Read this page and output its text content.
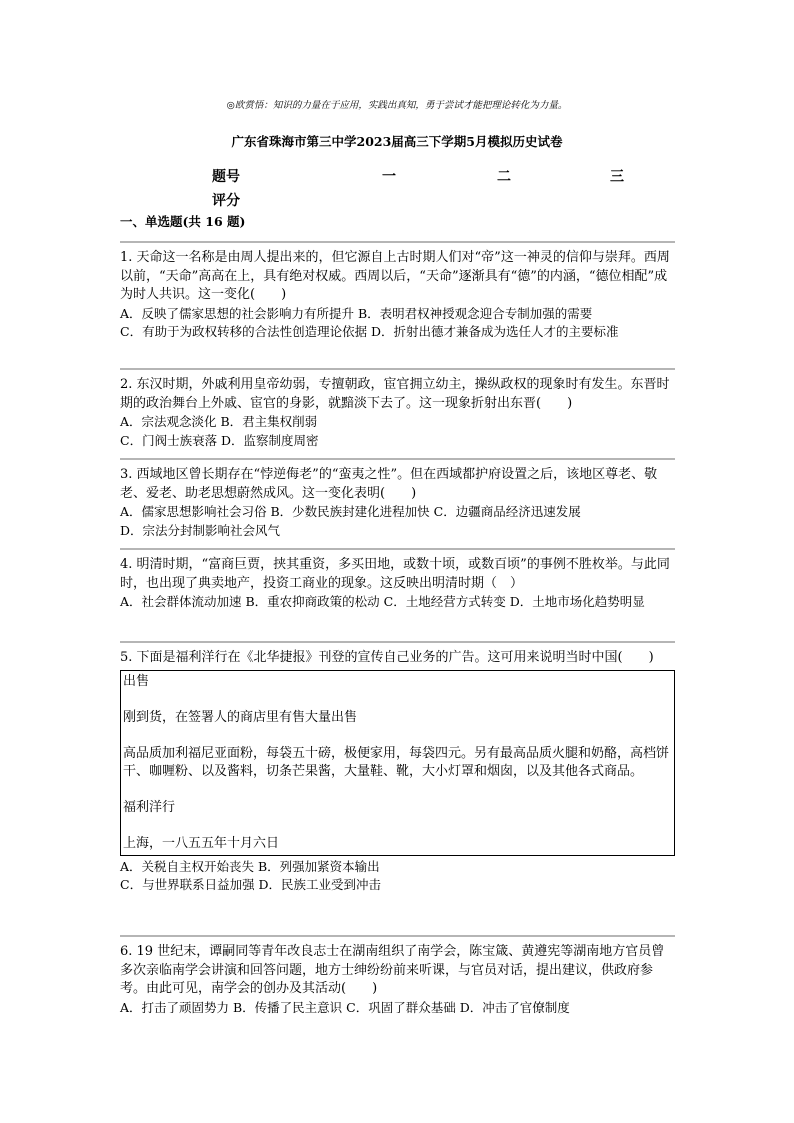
◎欧赏悟：知识的力量在于应用，实践出真知，勇于尝试才能把理论转化为力量。
广东省珠海市第三中学2023届高三下学期5月模拟历史试卷
题号	一	二	三
评分
一、单选题(共 16 题)

1. 天命这一名称是由周人提出来的，但它源自上古时期人们对“帝”这一神灵的信仰与崇拜。西周以前，“天命”高高在上，具有绝对权威。西周以后，“天命”逐渐具有“德”的内涵，“德位相配”成为时人共识。这一变化(　　)

A．反映了儒家思想的社会影响力有所提升 B．表明君权神授观念迎合专制加强的需要

C．有助于为政权转移的合法性创造理论依据 D．折射出德才兼备成为选任人才的主要标准

2. 东汉时期，外戚利用皇帝幼弱，专擅朝政，宦官拥立幼主，操纵政权的现象时有发生。东晋时期的政治舞台上外戚、宦官的身影，就黯淡下去了。这一现象折射出东晋(　　)

A．宗法观念淡化 B．君主集权削弱

C．门阀士族衰落 D．监察制度周密

3. 西域地区曾长期存在“悖逆侮老”的“蛮夷之性”。但在西域都护府设置之后，该地区尊老、敬老、爱老、助老思想蔚然成风。这一变化表明(　　)

A．儒家思想影响社会习俗 B．少数民族封建化进程加快 C．边疆商品经济迅速发展

D．宗法分封制影响社会风气

4. 明清时期，“富商巨贾，挟其重资，多买田地，或数十顷，或数百顷”的事例不胜枚举。与此同时，也出现了典卖地产，投资工商业的现象。这反映出明清时期（　）

A．社会群体流动加速 B．重农抑商政策的松动 C．土地经营方式转变 D．土地市场化趋势明显

5. 下面是福利洋行在《北华捷报》刊登的宣传自己业务的广告。这可用来说明当时中国(　　)

出售

刚到货，在签署人的商店里有售大量出售

高品质加利福尼亚面粉，每袋五十磅，极便家用，每袋四元。另有最高品质火腿和奶酪，高档饼干、咖喱粉、以及酱料，切条芒果酱，大量鞋、靴，大小灯罩和烟囱，以及其他各式商品。

福利洋行

上海，一八五五年十月六日

A．关税自主权开始丧失 B．列强加紧资本输出

C．与世界联系日益加强 D．民族工业受到冲击

6. 19 世纪末，谭嗣同等青年改良志士在湖南组织了南学会，陈宝箴、黄遵宪等湖南地方官员曾多次亲临南学会讲演和回答问题，地方士绅纷纷前来听课，与官员对话，提出建议，供政府参考。由此可见，南学会的创办及其活动(　　)

A．打击了顽固势力 B．传播了民主意识 C．巩固了群众基础 D．冲击了官僚制度
